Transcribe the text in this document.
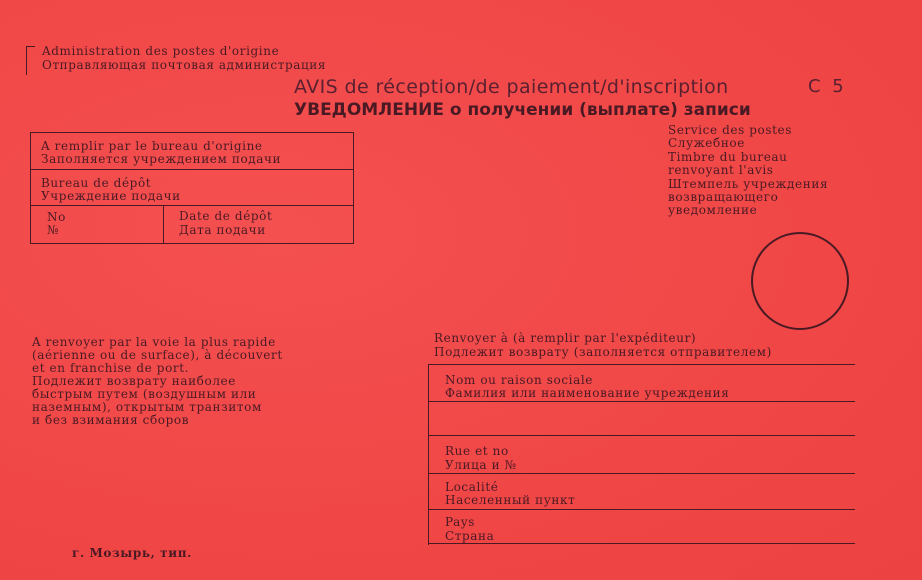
Administration des postes d'origine
Отправляющая почтовая администрация
AVIS de réception/de paiement/d'inscription
УВЕДОМЛЕНИЕ о получении (выплате) записи
C 5
A remplir par le bureau d'origine
Заполняется учреждением подачи
Bureau de dépôt
Учреждение подачи
No
№
Date de dépôt
Дата подачи
Service des postes
Служебное
Timbre du bureau
renvoyant l'avis
Штемпель учреждения
возвращающего
уведомление
A renvoyer par la voie la plus rapide
(aérienne ou de surface), à découvert
et en franchise de port.
Подлежит возврату наиболее
быстрым путем (воздушным или
наземным), открытым транзитом
и без взимания сборов
Renvoyer à (à remplir par l'expéditeur)
Подлежит возврату (заполняется отправителем)
Nom ou raison sociale
Фамилия или наименование учреждения
Rue et no
Улица и №
Localité
Населенный пункт
Pays
Страна
г. Мозырь, тип.
